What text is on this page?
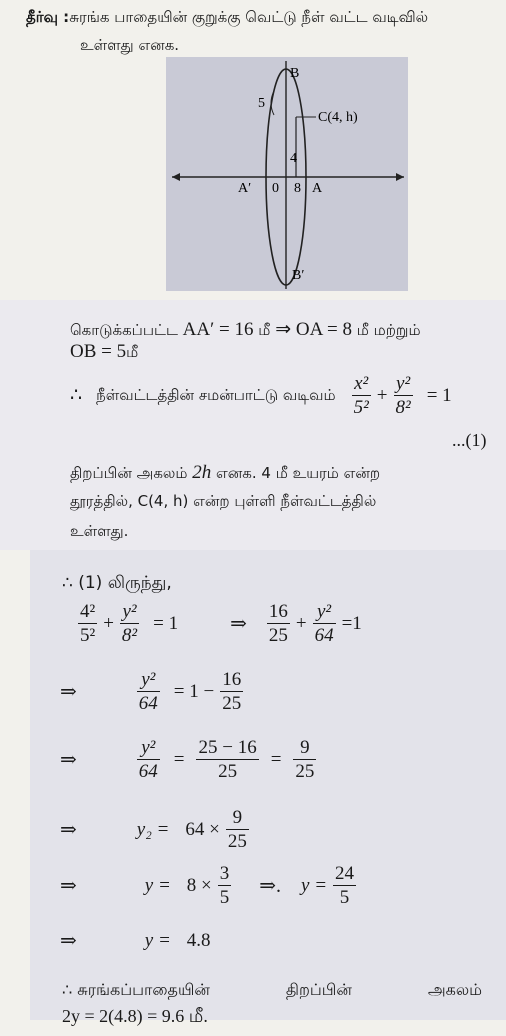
தீர்வு :சுரங்க பாதையின் குறுக்கு வெட்டு நீள் வட்ட வடிவில்
உள்ளது எனக.
B
B′
A
A′
5
4
0 8
C(4, h)
கொடுக்கப்பட்ட AA′ = 16 மீ ⇒ OA = 8 மீ மற்றும்
OB = 5மீ
∴ நீள்வட்டத்தின் சமன்பாட்டு வடிவம் $\frac{\text{x²}}{\text{5²}} + \frac{\text{y²}}{\text{8²}} = 1$
...(1)
திறப்பின் அகலம் 2h எனக. 4 மீ உயரம் என்ற
தூரத்தில், C(4, h) என்ற புள்ளி நீள்வட்டத்தில்
உள்ளது.
∴ (1) லிருந்து,
$\frac{\text{4²}}{\text{5²}} + \frac{\text{y²}}{\text{8²}} = 1$	⇒ $\frac{16}{25} + \frac{\text{y²}}{64} =1$
⇒	$\frac{\text{y²}}{64} = 1 - \frac{16}{25}$
⇒	$\frac{\text{y²}}{64} = \frac{25 - 16}{25} = \frac{9}{25}$
⇒	$y_2 = 64 \times \frac{9}{25}$
⇒	$y = 8 \times \frac{3}{5}$ ⇒. $y = \frac{24}{5}$
⇒	y = 4.8
∴ சுரங்கப்பாதையின்	திறப்பின்	அகலம்
2y = 2(4.8) = 9.6 மீ.
